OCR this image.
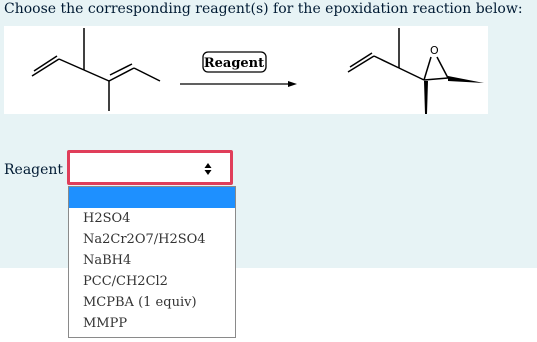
Choose the corresponding reagent(s) for the epoxidation reaction below:
Reagent
O
Reagent
H2SO4
Na2Cr2O7/H2SO4
NaBH4
PCC/CH2Cl2
MCPBA (1 equiv)
MMPP
